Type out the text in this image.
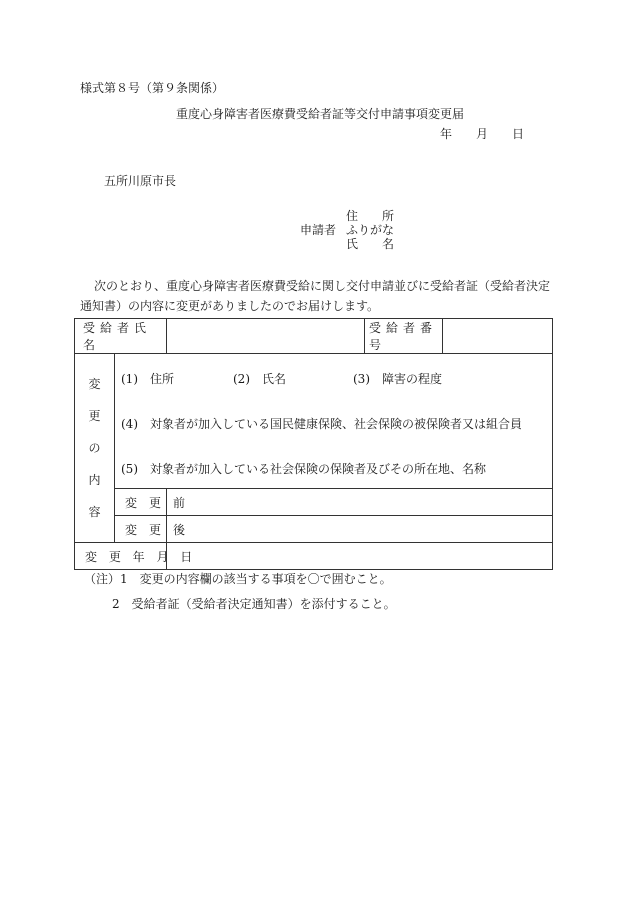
様式第８号（第９条関係）
重度心身障害者医療費受給者証等交付申請事項変更届
年 月 日
五所川原市長
住　　所
申請者 ふりがな
氏　　名

次のとおり、重度心身障害者医療費受給に関し交付申請並びに受給者証（受給者決定通知書）の内容に変更がありましたのでお届けします。

受給者氏名			受給者番号	

変
更
の
内
容	(1)　住所 (2)　氏名 (3)　障害の程度
(4)　対象者が加入している国民健康保険、社会保険の被保険者又は組合員
(5)　対象者が加入している社会保険の保険者及びその所在地、名称			

	変　更　前			
	変　更　後			
変 更 年 月 日				
（注）1　変更の内容欄の該当する事項を〇で囲むこと。
2　受給者証（受給者決定通知書）を添付すること。
